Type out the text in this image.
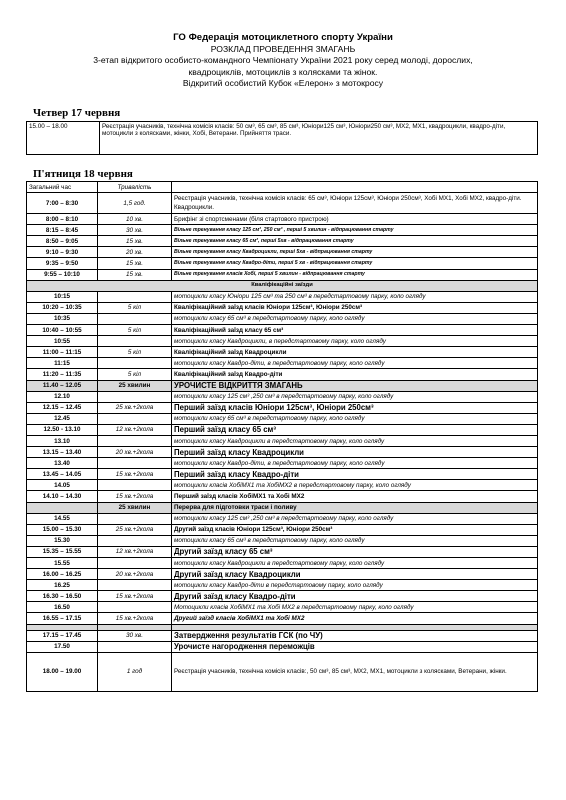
ГО Федерація мотоциклетного спорту України
РОЗКЛАД ПРОВЕДЕННЯ ЗМАГАНЬ
3-етап відкритого особисто-командного Чемпіонату України 2021 року серед молоді, дорослих,
квадроциклів, мотоциклів з колясками та жінок.
Відкритий особистий Кубок «Елерон» з мотокросу
Четвер 17 червня
15.00 – 18.00	Реєстрація учасників, технічна комісія класів: 50 см³, 65 см³, 85 см³, Юніори125 см³, Юніори250 см³, МХ2, МХ1, квадроцикли, квадро-діти, мотоцикли з колясками, жінки, Хобі, Ветерани. Прийняття траси.
П'ятниця 18 червня
Загальний час	Тривалість	
7:00 – 8:30	1,5 год.	Реєстрація учасників, технічна комісія класів: 65 см³, Юніори 125см³, Юніори 250см³, Хобі МХ1, Хобі МХ2, квадро-діти. Квадроцикли.
8:00 – 8:10	10 хв.	Брифінг зі спортсменами (біля стартового пристрою)
8:15 – 8:45	30 хв.	Вільне тренування класу 125 см³, 250 см³ , перші 5 хвилин - відпрацювання старту
8:50 – 9:05	15 хв.	Вільне тренування класу 65 см³, перші 5хв - відпрацювання старту
9:10 – 9:30	20 хв.	Вільне тренування класу Квадроцикли, перші 5хв - відпрацювання старту
9:35 – 9:50	15 хв.	Вільне тренування класу Квадро-діти, перші 5 хв - відпрацювання старту
9:55 – 10:10	15 хв.	Вільне тренування класів Хобі, перші 5 хвилин - відпрацювання старту
Кваліфікаційні заїзди		
10:15		мотоцикли класу Юніори 125 см³ та 250 см³ в передстартовому парку, коло огляду
10:20 – 10:35	5 кіл	Кваліфікаційний заїзд класів Юніори 125см³, Юніори 250см³
10:35		мотоцикли класу 65 см³ в передстартовому парку, коло огляду
10:40 – 10:55	5 кіл	Кваліфікаційний заїзд класу 65 см³
10:55		мотоцикли класу Квадроцикли, в передстартовому парку, коло огляду
11:00 – 11:15	5 кіл	Кваліфікаційний заїзд Квадроцикли
11:15		мотоцикли класу Квадро-діти, в передстартовому парку, коло огляду
11:20 – 11:35	5 кіл	Кваліфікаційний заїзд Квадро-діти
11.40 – 12.05	25 хвилин	УРОЧИСТЕ ВІДКРИТТЯ ЗМАГАНЬ
12.10		мотоцикли класу 125 см³ ,250 см³ в передстартовому парку, коло огляду
12.15 – 12.45	25 хв.+2кола	Перший заїзд класів Юніори 125см³, Юніори 250см³
12.45		мотоцикли класу 65 см³ в передстартовому парку, коло огляду
12.50 - 13.10	12 хв.+2кола	Перший заїзд класу 65 см³
13.10		мотоцикли класу Квадроцикли в передстартовому парку, коло огляду
13.15 – 13.40	20 хв.+2кола	Перший заїзд класу Квадроцикли
13.40		мотоцикли класу Квадро-діти, в передстартовому парку, коло огляду
13.45 – 14.05	15 хв.+2кола	Перший заїзд класу Квадро-діти
14.05		мотоцикли класів ХобіМХ1 та ХобіМХ2 в передстартовому парку, коло огляду
14.10 – 14.30	15 хв.+2кола	Перший заїзд класів ХобіМХ1 та Хобі МХ2
	25 хвилин	Перерва для підготовки траси і поливу
14.55		мотоцикли класу 125 см³ ,250 см³ в передстартовому парку, коло огляду
15.00 – 15.30	25 хв.+2кола	Другий заїзд класів Юніори 125см³, Юніори 250см³
15.30		мотоцикли класу 65 см³ в передстартовому парку, коло огляду
15.35 – 15.55	12 хв.+2кола	Другий заїзд класу 65 см³
15.55		мотоцикли класу Квадроцикли в передстартовому парку, коло огляду
16.00 – 16.25	20 хв.+2кола	Другий заїзд класу Квадроцикли
16.25		мотоцикли класу Квадро-діти в передстартовому парку, коло огляду
16.30 – 16.50	15 хв.+2кола	Другий заїзд класу Квадро-діти
16.50		Мотоцикли класів ХобіМХ1 та Хобі МХ2 в передстартовому парку, коло огляду
16.55 – 17.15	15 хв.+2кола	Другий заїзд класів ХобіМХ1 та Хобі МХ2

17.15 – 17.45	30 хв.	Затвердження результатів ГСК (по ЧУ)
17.50		Урочисте нагородження переможців
18.00 – 19.00	1 год	Реєстрація учасників, технічна комісія класів:, 50 см³, 85 см³, МХ2, МХ1, мотоцикли з колясками, Ветерани, жінки.
